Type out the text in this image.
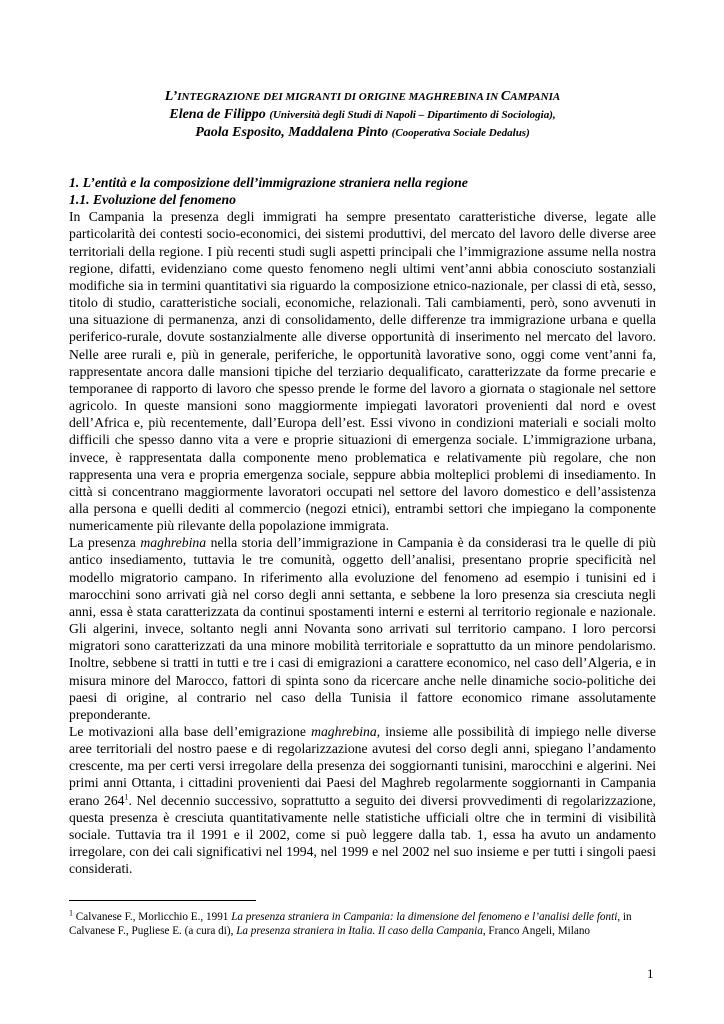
L’INTEGRAZIONE DEI MIGRANTI DI ORIGINE MAGHREBINA IN CAMPANIA
Elena de Filippo (Università degli Studi di Napoli – Dipartimento di Sociologia),
Paola Esposito, Maddalena Pinto (Cooperativa Sociale Dedalus)

1. L’entità e la composizione dell’immigrazione straniera nella regione

1.1. Evoluzione del fenomeno

In Campania la presenza degli immigrati ha sempre presentato caratteristiche diverse, legate alle particolarità dei contesti socio-economici, dei sistemi produttivi, del mercato del lavoro delle diverse aree territoriali della regione. I più recenti studi sugli aspetti principali che l’immigrazione assume nella nostra regione, difatti, evidenziano come questo fenomeno negli ultimi vent’anni abbia conosciuto sostanziali modifiche sia in termini quantitativi sia riguardo la composizione etnico-nazionale, per classi di età, sesso, titolo di studio, caratteristiche sociali, economiche, relazionali. Tali cambiamenti, però, sono avvenuti in una situazione di permanenza, anzi di consolidamento, delle differenze tra immigrazione urbana e quella periferico-rurale, dovute sostanzialmente alle diverse opportunità di inserimento nel mercato del lavoro. Nelle aree rurali e, più in generale, periferiche, le opportunità lavorative sono, oggi come vent’anni fa, rappresentate ancora dalle mansioni tipiche del terziario dequalificato, caratterizzate da forme precarie e temporanee di rapporto di lavoro che spesso prende le forme del lavoro a giornata o stagionale nel settore agricolo. In queste mansioni sono maggiormente impiegati lavoratori provenienti dal nord e ovest dell’Africa e, più recentemente, dall’Europa dell’est. Essi vivono in condizioni materiali e sociali molto difficili che spesso danno vita a vere e proprie situazioni di emergenza sociale. L’immigrazione urbana, invece, è rappresentata dalla componente meno problematica e relativamente più regolare, che non rappresenta una vera e propria emergenza sociale, seppure abbia molteplici problemi di insediamento. In città si concentrano maggiormente lavoratori occupati nel settore del lavoro domestico e dell’assistenza alla persona e quelli dediti al commercio (negozi etnici), entrambi settori che impiegano la componente numericamente più rilevante della popolazione immigrata.

La presenza maghrebina nella storia dell’immigrazione in Campania è da considerasi tra le quelle di più antico insediamento, tuttavia le tre comunità, oggetto dell’analisi, presentano proprie specificità nel modello migratorio campano. In riferimento alla evoluzione del fenomeno ad esempio i tunisini ed i marocchini sono arrivati già nel corso degli anni settanta, e sebbene la loro presenza sia cresciuta negli anni, essa è stata caratterizzata da continui spostamenti interni e esterni al territorio regionale e nazionale. Gli algerini, invece, soltanto negli anni Novanta sono arrivati sul territorio campano. I loro percorsi migratori sono caratterizzati da una minore mobilità territoriale e soprattutto da un minore pendolarismo. Inoltre, sebbene si tratti in tutti e tre i casi di emigrazioni a carattere economico, nel caso dell’Algeria, e in misura minore del Marocco, fattori di spinta sono da ricercare anche nelle dinamiche socio-politiche dei paesi di origine, al contrario nel caso della Tunisia il fattore economico rimane assolutamente preponderante.

Le motivazioni alla base dell’emigrazione maghrebina, insieme alle possibilità di impiego nelle diverse aree territoriali del nostro paese e di regolarizzazione avutesi del corso degli anni, spiegano l’andamento crescente, ma per certi versi irregolare della presenza dei soggiornanti tunisini, marocchini e algerini. Nei primi anni Ottanta, i cittadini provenienti dai Paesi del Maghreb regolarmente soggiornanti in Campania erano $264^1$. Nel decennio successivo, soprattutto a seguito dei diversi provvedimenti di regolarizzazione, questa presenza è cresciuta quantitativamente nelle statistiche ufficiali oltre che in termini di visibilità sociale. Tuttavia tra il 1991 e il 2002, come si può leggere dalla tab. 1, essa ha avuto un andamento irregolare, con dei cali significativi nel 1994, nel 1999 e nel 2002 nel suo insieme e per tutti i singoli paesi considerati.

$^1$ Calvanese F., Morlicchio E., 1991 La presenza straniera in Campania: la dimensione del fenomeno e l’analisi delle fonti, in Calvanese F., Pugliese E. (a cura di), La presenza straniera in Italia. Il caso della Campania, Franco Angeli, Milano
1
